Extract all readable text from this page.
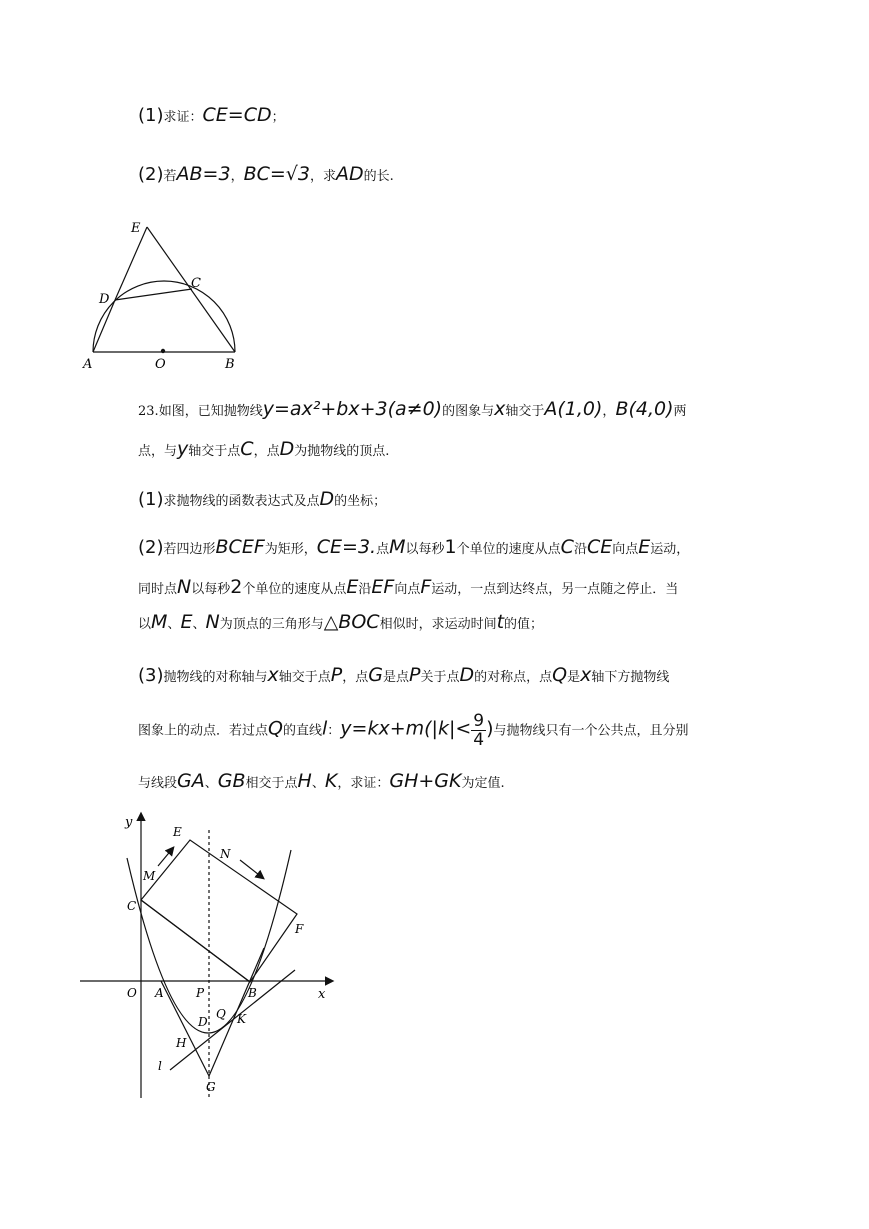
(1)求证：CE=CD；
(2)若AB=3，BC=√3，求AD的长.
E
C
D
A	O	B
23.如图，已知抛物线y=ax²+bx+3(a≠0)的图象与x轴交于A(1,0)，B(4,0)两
点，与y轴交于点C，点D为抛物线的顶点.
(1)求抛物线的函数表达式及点D的坐标；
(2)若四边形BCEF为矩形，CE=3.点M以每秒1个单位的速度从点C沿CE向点E运动，
同时点N以每秒2个单位的速度从点E沿EF向点F运动，一点到达终点，另一点随之停止．当
以M、E、N为顶点的三角形与△BOC相似时，求运动时间t的值；
(3)抛物线的对称轴与x轴交于点P，点G是点P关于点D的对称点，点Q是x轴下方抛物线
图象上的动点．若过点Q的直线l：$y=kx+m(|k|< \frac{9}{4}$ )与抛物线只有一个公共点，且分别
与线段GA、GB相交于点H、K，求证：GH+GK为定值.
y
x
E
N
M
C
F
O A	P	B
D
Q K
H
l
G
